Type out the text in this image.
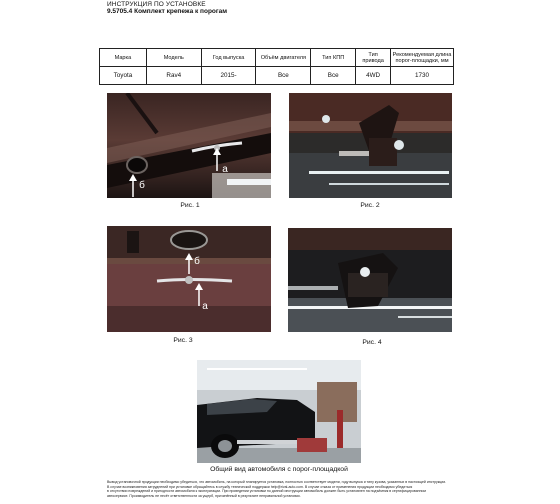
ИНСТРУКЦИЯ ПО УСТАНОВКЕ
9.5705.4 Комплект крепежа к порогам
Марка	Модель	Год выпуска	Объём двигателя	Тип КПП	Тип привода	Рекомендуемая длина порог-площадки, мм
Toyota	Rav4	2015-	Все	Все	4WD	1730
а
б
Рис. 1	Рис. 2
б
а
Рис. 3	Рис. 4
Общий вид автомобиля с порог-площадкой
Вывод установочной продукции необходимо убедиться, что автомобиль, на который планируется установка, полностью соответствует модели, году выпуска и типу кузова, указанных в настоящей инструкции.
В случае возникновения затруднений при установке обращайтесь в службу технической поддержки help@rival-auto.com. В случае отказа от применения продукции необходимо убедиться
в отсутствии повреждений и пригодности автомобиля к эксплуатации. При проведении установки по данной инструкции автомобиль должен быть установлен на подъёмник в сертифицированном
автосервисе. Производитель не несёт ответственности за ущерб, причинённый в результате неправильной установки.
